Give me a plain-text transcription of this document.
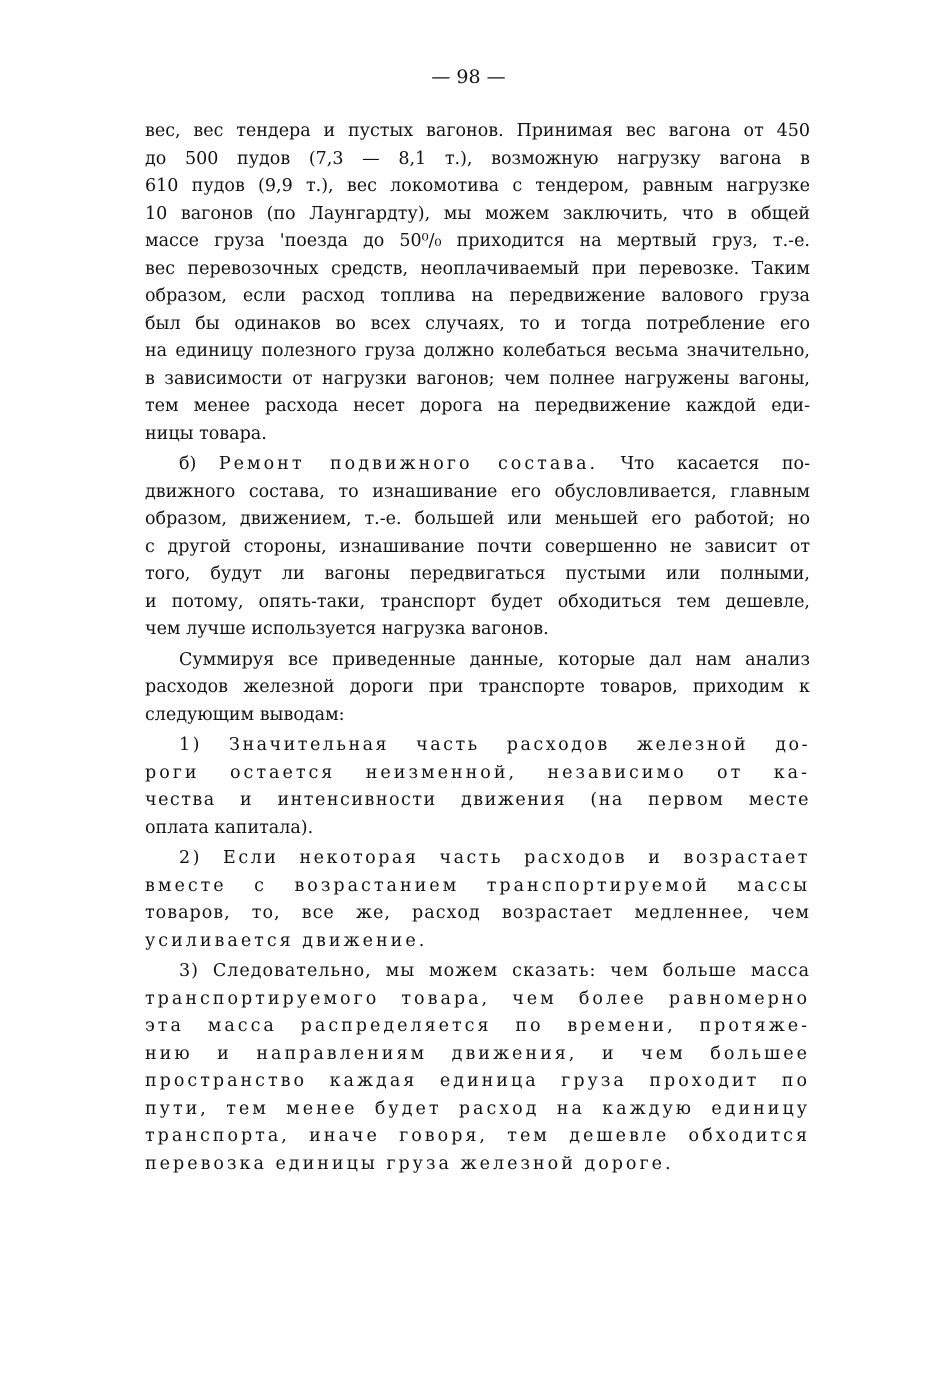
— 98 —

вес, вес тендера и пустых вагонов. Принимая вес вагона от 450
до 500 пудов (7,3 — 8,1 т.), возможную нагрузку вагона в
610 пудов (9,9 т.), вес локомотива с тендером, равным нагрузке
10 вагонов (по Лаунгардту), мы можем заключить, что в общей
массе груза 'поезда до 50⁰/₀ приходится на мертвый груз, т.-е.
вес перевозочных средств, неоплачиваемый при перевозке. Таким
образом, если расход топлива на передвижение валового груза
был бы одинаков во всех случаях, то и тогда потребление его
на единицу полезного груза должно колебаться весьма значительно,
в зависимости от нагрузки вагонов; чем полнее нагружены вагоны,
тем менее расхода несет дорога на передвижение каждой еди-
ницы товара.

б) Ремонт подвижного состава. Что касается по-
движного состава, то изнашивание его обусловливается, главным
образом, движением, т.-е. большей или меньшей его работой; но
с другой стороны, изнашивание почти совершенно не зависит от
того, будут ли вагоны передвигаться пустыми или полными,
и потому, опять-таки, транспорт будет обходиться тем дешевле,
чем лучше используется нагрузка вагонов.

Суммируя все приведенные данные, которые дал нам анализ
расходов железной дороги при транспорте товаров, приходим к
следующим выводам:

1) Значительная часть расходов железной до-
роги остается неизменной, независимо от ка-
чества и интенсивности движения (на первом месте
оплата капитала).

2) Если некоторая часть расходов и возрастает
вместе с возрастанием транспортируемой массы
товаров, то, все же, расход возрастает медленнее, чем
усиливается движение.

3) Следовательно, мы можем сказать: чем больше масса
транспортируемого товара, чем более равномерно
эта масса распределяется по времени, протяже-
нию и направлениям движения, и чем большее
пространство каждая единица груза проходит по
пути, тем менее будет расход на каждую единицу
транспорта, иначе говоря, тем дешевле обходится
перевозка единицы груза железной дороге.
